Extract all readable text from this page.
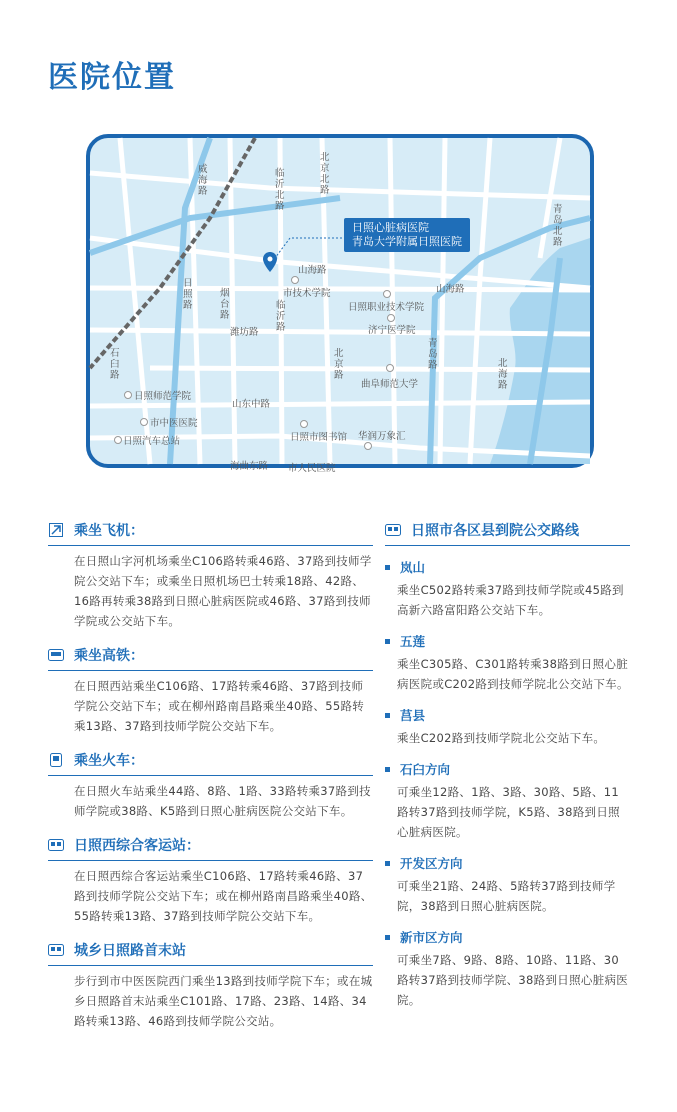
医院位置
日照心脏病医院
青岛大学附属日照医院
山海路
山海路
山东中路
潍坊路
海曲东路 市人民医院
北京路
临沂北路
临沂路
烟台路
北京北路
日照路
石臼路
青岛路	北海路
青岛北路
威海路
市技术学院
日照职业技术学院
济宁医学院
曲阜师范大学
日照师范学院
市中医医院
日照汽车总站	日照市图书馆 华润万象汇
乘坐飞机：
在日照山字河机场乘坐C106路转乘46路、37路到技师学院公交站下车；或乘坐日照机场巴士转乘18路、42路、16路再转乘38路到日照心脏病医院或46路、37路到技师学院或公交站下车。
乘坐高铁：
在日照西站乘坐C106路、17路转乘46路、37路到技师学院公交站下车；或在柳州路南昌路乘坐40路、55路转乘13路、37路到技师学院公交站下车。
乘坐火车：
在日照火车站乘坐44路、8路、1路、33路转乘37路到技师学院或38路、K5路到日照心脏病医院公交站下车。
日照西综合客运站：
在日照西综合客运站乘坐C106路、17路转乘46路、37路到技师学院公交站下车；或在柳州路南昌路乘坐40路、55路转乘13路、37路到技师学院公交站下车。
城乡日照路首末站
步行到市中医医院西门乘坐13路到技师学院下车；或在城乡日照路首末站乘坐C101路、17路、23路、14路、34路转乘13路、46路到技师学院公交站。
日照市各区县到院公交路线
岚山
乘坐C502路转乘37路到技师学院或45路到高新六路富阳路公交站下车。
五莲
乘坐C305路、C301路转乘38路到日照心脏病医院或C202路到技师学院北公交站下车。
莒县
乘坐C202路到技师学院北公交站下车。
石臼方向
可乘坐12路、1路、3路、30路、5路、11路转37路到技师学院，K5路、38路到日照心脏病医院。
开发区方向
可乘坐21路、24路、5路转37路到技师学院，38路到日照心脏病医院。
新市区方向
可乘坐7路、9路、8路、10路、11路、30路转37路到技师学院、38路到日照心脏病医院。
